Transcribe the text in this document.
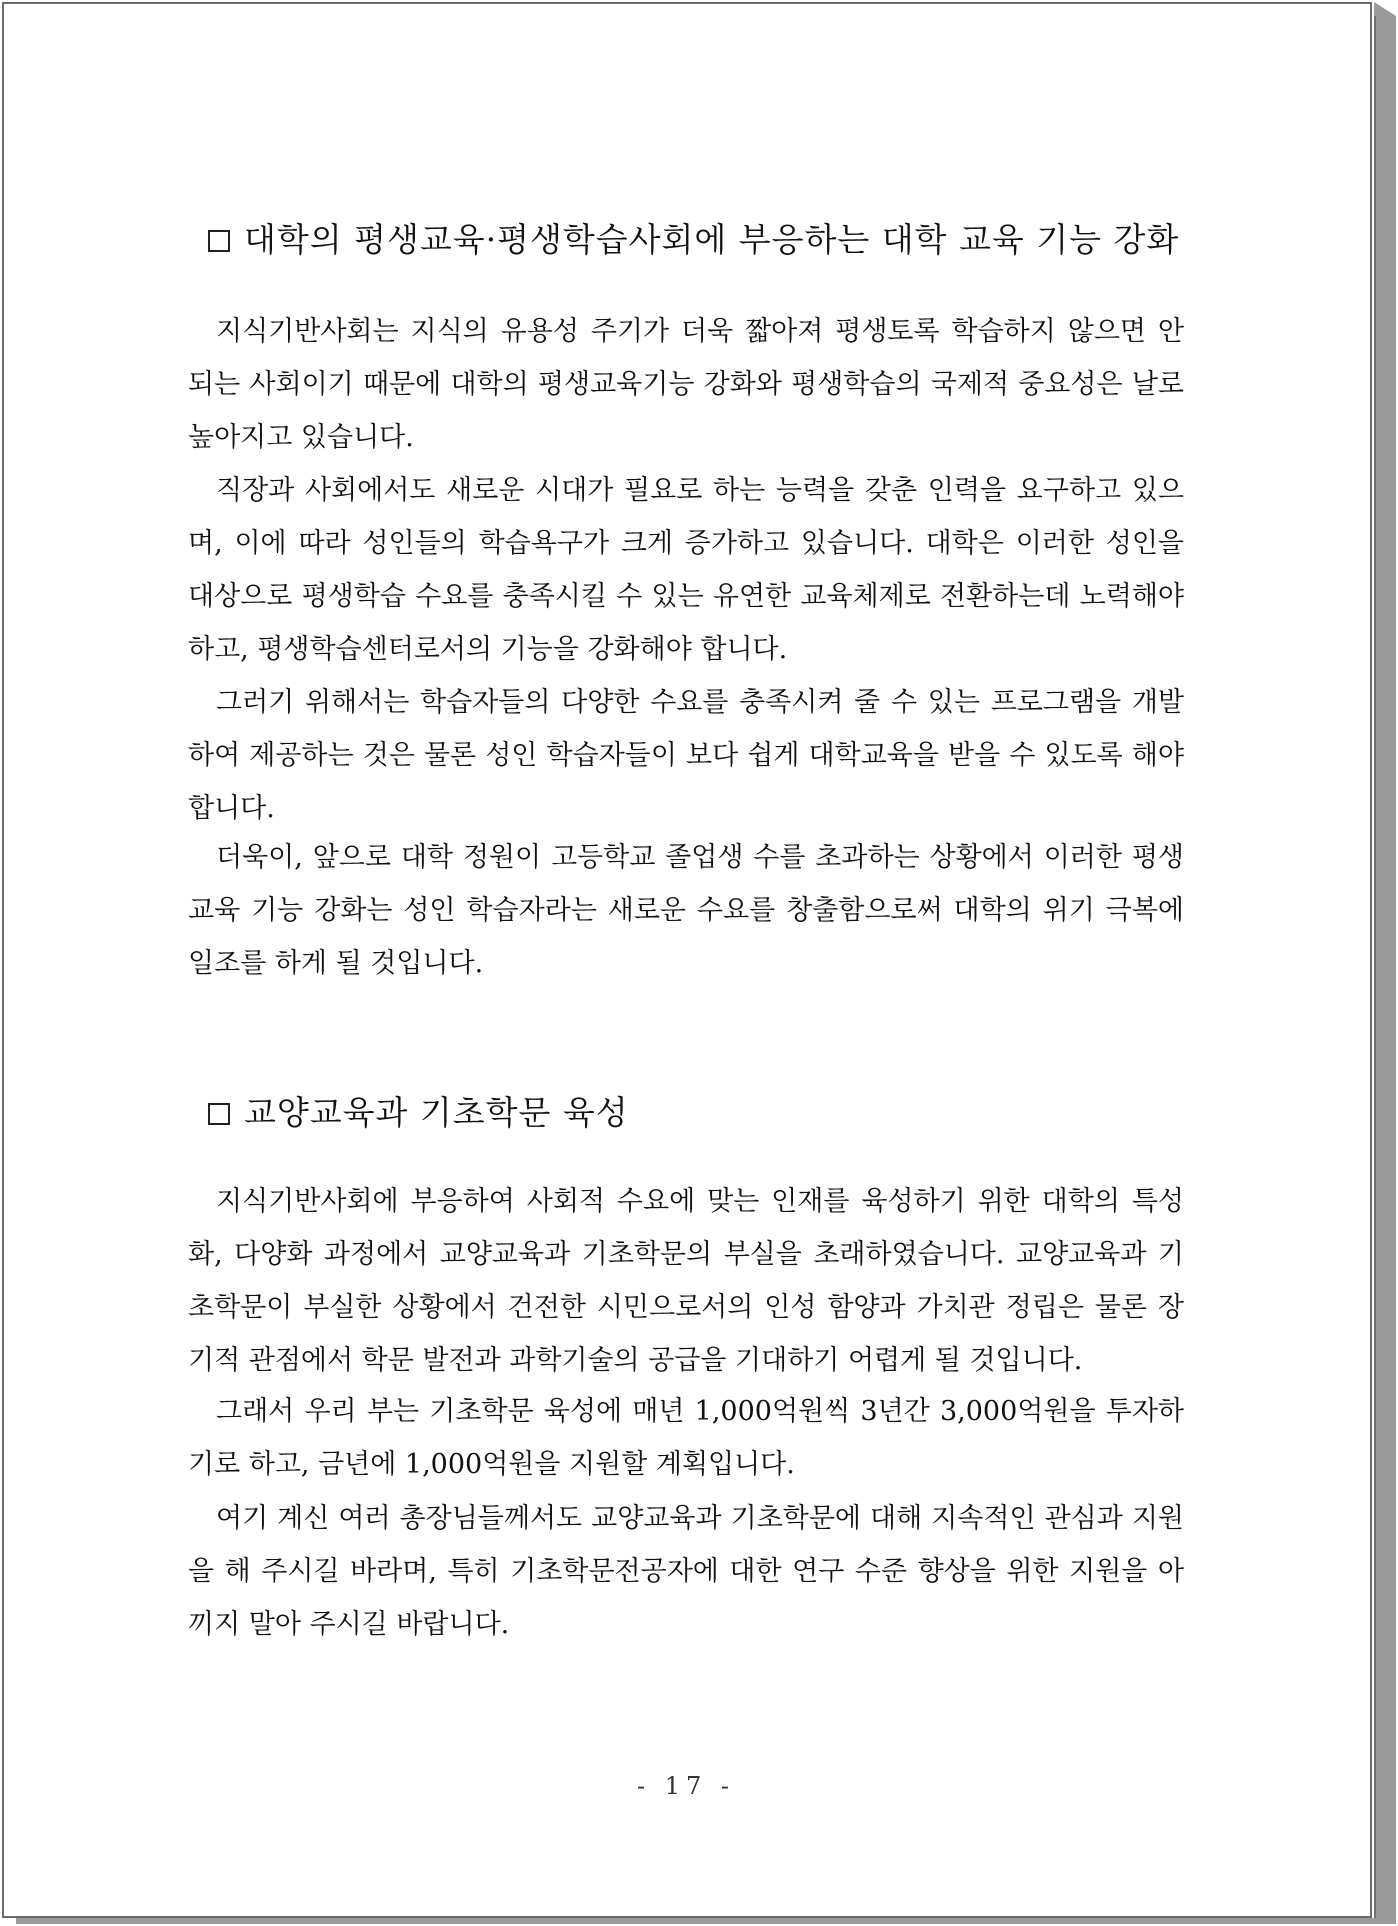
대학의 평생교육·평생학습사회에 부응하는 대학 교육 기능 강화

지식기반사회는 지식의 유용성 주기가 더욱 짧아져 평생토록 학습하지 않으면 안 되는 사회이기 때문에 대학의 평생교육기능 강화와 평생학습의 국제적 중요성은 날로 높아지고 있습니다.

직장과 사회에서도 새로운 시대가 필요로 하는 능력을 갖춘 인력을 요구하고 있으며, 이에 따라 성인들의 학습욕구가 크게 증가하고 있습니다. 대학은 이러한 성인을 대상으로 평생학습 수요를 충족시킬 수 있는 유연한 교육체제로 전환하는데 노력해야 하고, 평생학습센터로서의 기능을 강화해야 합니다.

그러기 위해서는 학습자들의 다양한 수요를 충족시켜 줄 수 있는 프로그램을 개발하여 제공하는 것은 물론 성인 학습자들이 보다 쉽게 대학교육을 받을 수 있도록 해야 합니다.

더욱이, 앞으로 대학 정원이 고등학교 졸업생 수를 초과하는 상황에서 이러한 평생교육 기능 강화는 성인 학습자라는 새로운 수요를 창출함으로써 대학의 위기 극복에 일조를 하게 될 것입니다.

교양교육과 기초학문 육성

지식기반사회에 부응하여 사회적 수요에 맞는 인재를 육성하기 위한 대학의 특성화, 다양화 과정에서 교양교육과 기초학문의 부실을 초래하였습니다. 교양교육과 기초학문이 부실한 상황에서 건전한 시민으로서의 인성 함양과 가치관 정립은 물론 장기적 관점에서 학문 발전과 과학기술의 공급을 기대하기 어렵게 될 것입니다.

그래서 우리 부는 기초학문 육성에 매년 1,000억원씩 3년간 3,000억원을 투자하기로 하고, 금년에 1,000억원을 지원할 계획입니다.

여기 계신 여러 총장님들께서도 교양교육과 기초학문에 대해 지속적인 관심과 지원을 해 주시길 바라며, 특히 기초학문전공자에 대한 연구 수준 향상을 위한 지원을 아끼지 말아 주시길 바랍니다.

- 17 -
